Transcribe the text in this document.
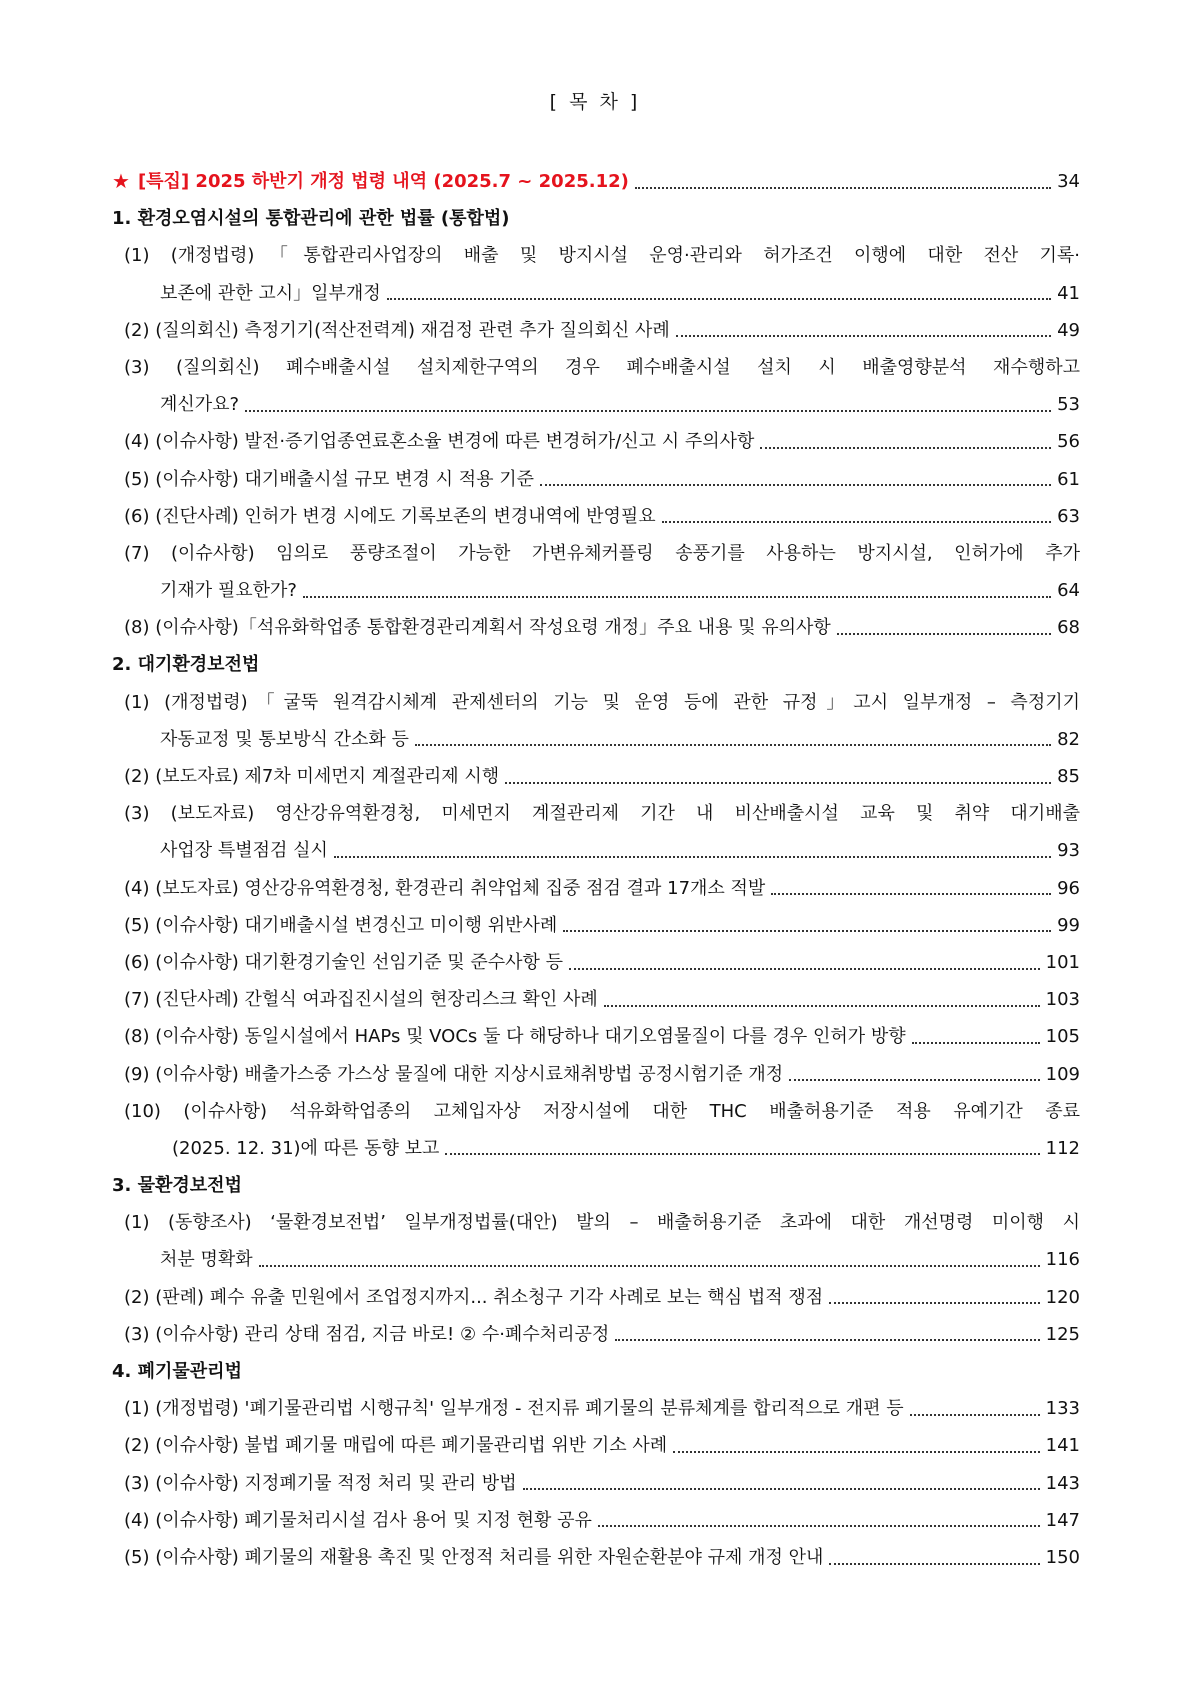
[ 목 차 ]
★ [특집] 2025 하반기 개정 법령 내역 (2025.7 ~ 2025.12)	34
1. 환경오염시설의 통합관리에 관한 법률 (통합법)
(1) (개정법령)「통합관리사업장의 배출 및 방지시설 운영·관리와 허가조건 이행에 대한 전산 기록·
보존에 관한 고시」일부개정	41
(2) (질의회신) 측정기기(적산전력계) 재검정 관련 추가 질의회신 사례	49
(3) (질의회신) 폐수배출시설 설치제한구역의 경우 폐수배출시설 설치 시 배출영향분석 재수행하고
계신가요?	53
(4) (이슈사항) 발전·증기업종연료혼소율 변경에 따른 변경허가/신고 시 주의사항	56
(5) (이슈사항) 대기배출시설 규모 변경 시 적용 기준	61
(6) (진단사례) 인허가 변경 시에도 기록보존의 변경내역에 반영필요	63
(7) (이슈사항) 임의로 풍량조절이 가능한 가변유체커플링 송풍기를 사용하는 방지시설, 인허가에 추가
기재가 필요한가?	64
(8) (이슈사항)「석유화학업종 통합환경관리계획서 작성요령 개정」주요 내용 및 유의사항	68
2. 대기환경보전법
(1) (개정법령)「굴뚝 원격감시체계 관제센터의 기능 및 운영 등에 관한 규정」고시 일부개정 – 측정기기
자동교정 및 통보방식 간소화 등	82
(2) (보도자료) 제7차 미세먼지 계절관리제 시행	85
(3) (보도자료) 영산강유역환경청, 미세먼지 계절관리제 기간 내 비산배출시설 교육 및 취약 대기배출
사업장 특별점검 실시	93
(4) (보도자료) 영산강유역환경청, 환경관리 취약업체 집중 점검 결과 17개소 적발	96
(5) (이슈사항) 대기배출시설 변경신고 미이행 위반사례	99
(6) (이슈사항) 대기환경기술인 선임기준 및 준수사항 등	101
(7) (진단사례) 간헐식 여과집진시설의 현장리스크 확인 사례	103
(8) (이슈사항) 동일시설에서 HAPs 및 VOCs 둘 다 해당하나 대기오염물질이 다를 경우 인허가 방향	105
(9) (이슈사항) 배출가스중 가스상 물질에 대한 지상시료채취방법 공정시험기준 개정	109
(10) (이슈사항) 석유화학업종의 고체입자상 저장시설에 대한 THC 배출허용기준 적용 유예기간 종료
(2025. 12. 31)에 따른 동향 보고	112
3. 물환경보전법
(1) (동향조사) ‘물환경보전법’ 일부개정법률(대안) 발의 – 배출허용기준 초과에 대한 개선명령 미이행 시
처분 명확화	116
(2) (판례) 폐수 유출 민원에서 조업정지까지... 취소청구 기각 사례로 보는 핵심 법적 쟁점	120
(3) (이슈사항) 관리 상태 점검, 지금 바로! ② 수·폐수처리공정	125
4. 폐기물관리법
(1) (개정법령) '폐기물관리법 시행규칙' 일부개정 - 전지류 폐기물의 분류체계를 합리적으로 개편 등	133
(2) (이슈사항) 불법 폐기물 매립에 따른 폐기물관리법 위반 기소 사례	141
(3) (이슈사항) 지정폐기물 적정 처리 및 관리 방법	143
(4) (이슈사항) 폐기물처리시설 검사 용어 및 지정 현황 공유	147
(5) (이슈사항) 폐기물의 재활용 촉진 및 안정적 처리를 위한 자원순환분야 규제 개정 안내	150
